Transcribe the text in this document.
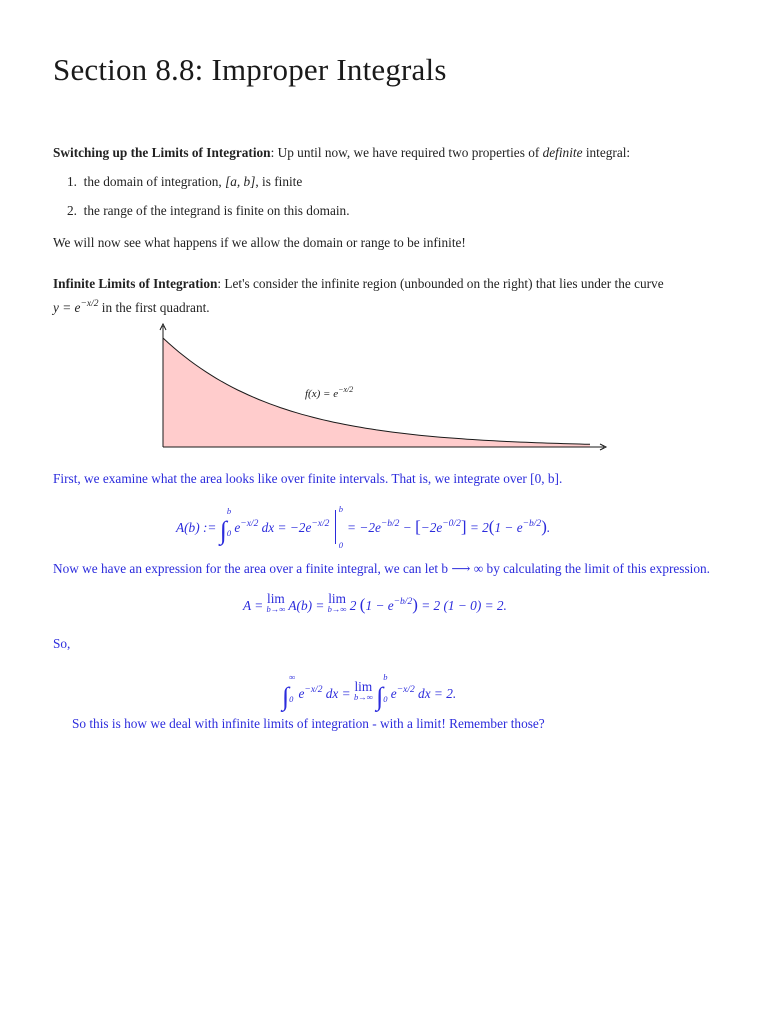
Section 8.8: Improper Integrals
Switching up the Limits of Integration: Up until now, we have required two properties of definite integral:
1. the domain of integration, [a, b], is finite
2. the range of the integrand is finite on this domain.
We will now see what happens if we allow the domain or range to be infinite!
Infinite Limits of Integration: Let's consider the infinite region (unbounded on the right) that lies under the curve
$y = e^{-x/2}$ in the first quadrant.
$f(x) = e^{-x/2}$
First, we examine what the area looks like over finite intervals. That is, we integrate over [0, b].
A(b) := ∫b
0 $e^{-x/2}$ dx = $-2e^{-x/2}$
b
0
= $-2e^{-b/2} - [-2e^{-0/2}] = 2(1 - e^{-b/2})$.
Now we have an expression for the area over a finite integral, we can let b ⟶ ∞ by calculating the limit of this expression.
A = lim
b→∞ A(b) = lim
b→∞ 2 $(1 - e^{-b/2}) = 2$ (1 − 0) = 2.
So,
∫∞
0 $e^{-x/2}$ dx = lim
b→∞ ∫b
0 $e^{-x/2}$ dx = 2.
So this is how we deal with infinite limits of integration - with a limit! Remember those?
